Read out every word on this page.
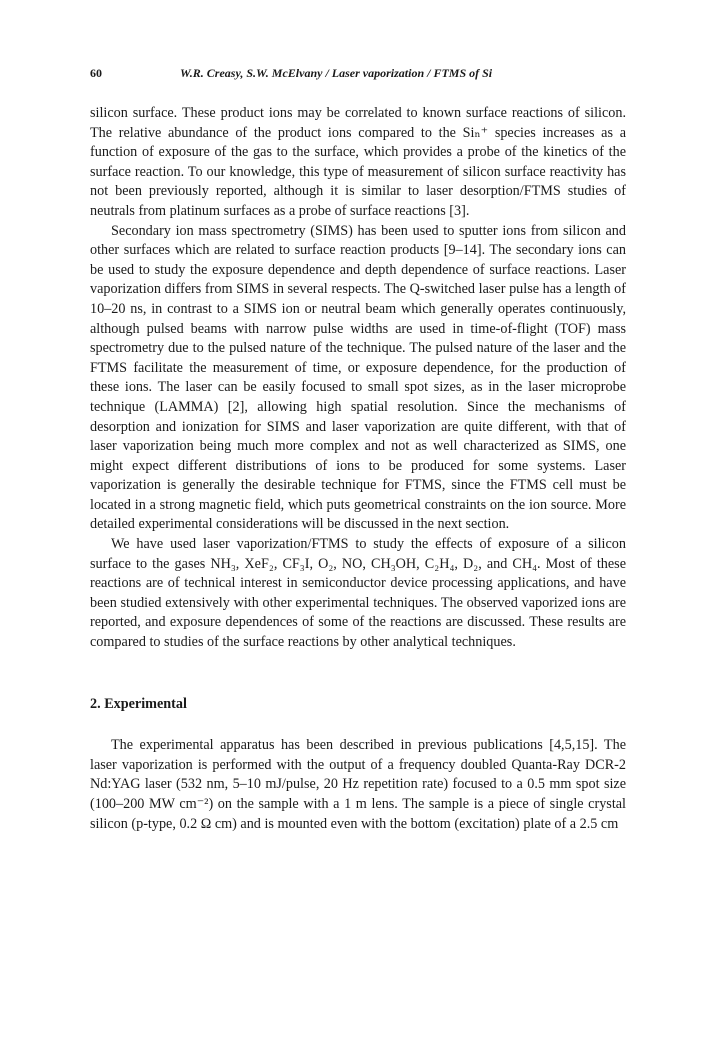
60	W.R. Creasy, S.W. McElvany / Laser vaporization / FTMS of Si

silicon surface. These product ions may be correlated to known surface reactions of silicon. The relative abundance of the product ions compared to the Siₙ⁺ species increases as a function of exposure of the gas to the surface, which provides a probe of the kinetics of the surface reaction. To our knowledge, this type of measurement of silicon surface reactivity has not been previously reported, although it is similar to laser desorption/FTMS studies of neutrals from platinum surfaces as a probe of surface reactions [3].

Secondary ion mass spectrometry (SIMS) has been used to sputter ions from silicon and other surfaces which are related to surface reaction products [9–14]. The secondary ions can be used to study the exposure dependence and depth dependence of surface reactions. Laser vaporization differs from SIMS in several respects. The Q-switched laser pulse has a length of 10–20 ns, in contrast to a SIMS ion or neutral beam which generally operates continuously, although pulsed beams with narrow pulse widths are used in time-of-flight (TOF) mass spectrometry due to the pulsed nature of the technique. The pulsed nature of the laser and the FTMS facilitate the measurement of time, or exposure dependence, for the production of these ions. The laser can be easily focused to small spot sizes, as in the laser microprobe technique (LAMMA) [2], allowing high spatial resolution. Since the mechanisms of desorption and ionization for SIMS and laser vaporization are quite different, with that of laser vaporization being much more complex and not as well characterized as SIMS, one might expect different distributions of ions to be produced for some systems. Laser vaporization is generally the desirable technique for FTMS, since the FTMS cell must be located in a strong magnetic field, which puts geometrical constraints on the ion source. More detailed experimental considerations will be discussed in the next section.

We have used laser vaporization/FTMS to study the effects of exposure of a silicon surface to the gases NH₃, XeF₂, CF₃I, O₂, NO, CH₃OH, C₂H₄, D₂, and CH₄. Most of these reactions are of technical interest in semiconductor device processing applications, and have been studied extensively with other experimental techniques. The observed vaporized ions are reported, and exposure dependences of some of the reactions are discussed. These results are compared to studies of the surface reactions by other analytical techniques.

2. Experimental

The experimental apparatus has been described in previous publications [4,5,15]. The laser vaporization is performed with the output of a frequency doubled Quanta-Ray DCR-2 Nd:YAG laser (532 nm, 5–10 mJ/pulse, 20 Hz repetition rate) focused to a 0.5 mm spot size (100–200 MW cm⁻²) on the sample with a 1 m lens. The sample is a piece of single crystal silicon (p-type, 0.2 Ω cm) and is mounted even with the bottom (excitation) plate of a 2.5 cm
